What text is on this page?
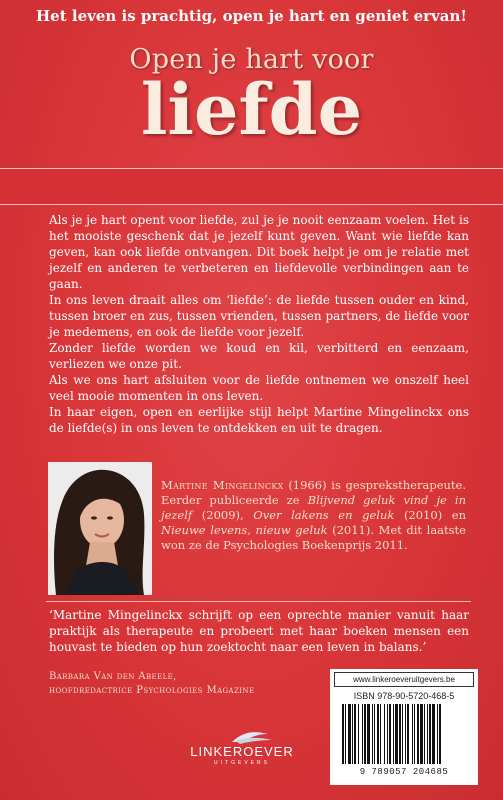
Open je hart voor
liefde
Het leven is prachtig, open je hart en geniet ervan!

Als je je hart opent voor liefde, zul je je nooit eenzaam voelen. Het is het mooiste geschenk dat je jezelf kunt geven. Want wie liefde kan geven, kan ook liefde ontvangen. Dit boek helpt je om je relatie met jezelf en anderen te verbeteren en liefdevolle verbindingen aan te gaan.

In ons leven draait alles om ‘liefde’: de liefde tussen ouder en kind, tussen broer en zus, tussen vrienden, tussen partners, de liefde voor je medemens, en ook de liefde voor jezelf.

Zonder liefde worden we koud en kil, verbitterd en eenzaam, verliezen we onze pit.

Als we ons hart afsluiten voor de liefde ontnemen we onszelf heel veel mooie momenten in ons leven.

In haar eigen, open en eerlijke stijl helpt Martine Mingelinckx ons de liefde(s) in ons leven te ontdekken en uit te dragen.

Martine Mingelinckx (1966) is gesprekstherapeute. Eerder publiceerde ze Blijvend geluk vind je in jezelf (2009), Over lakens en geluk (2010) en Nieuwe levens, nieuw geluk (2011). Met dit laatste won ze de Psychologies Boekenprijs 2011.
‘Martine Mingelinckx schrijft op een oprechte manier vanuit haar praktijk als therapeute en probeert met haar boeken mensen een houvast te bieden op hun zoektocht naar een leven in balans.’
Barbara Van den Abeele,
hoofdredactrice Psychologies Magazine
LINKEROEVER
UITGEVERS
www.linkeroeveruitgevers.be
ISBN 978-90-5720-468-5
9 789057 204685
